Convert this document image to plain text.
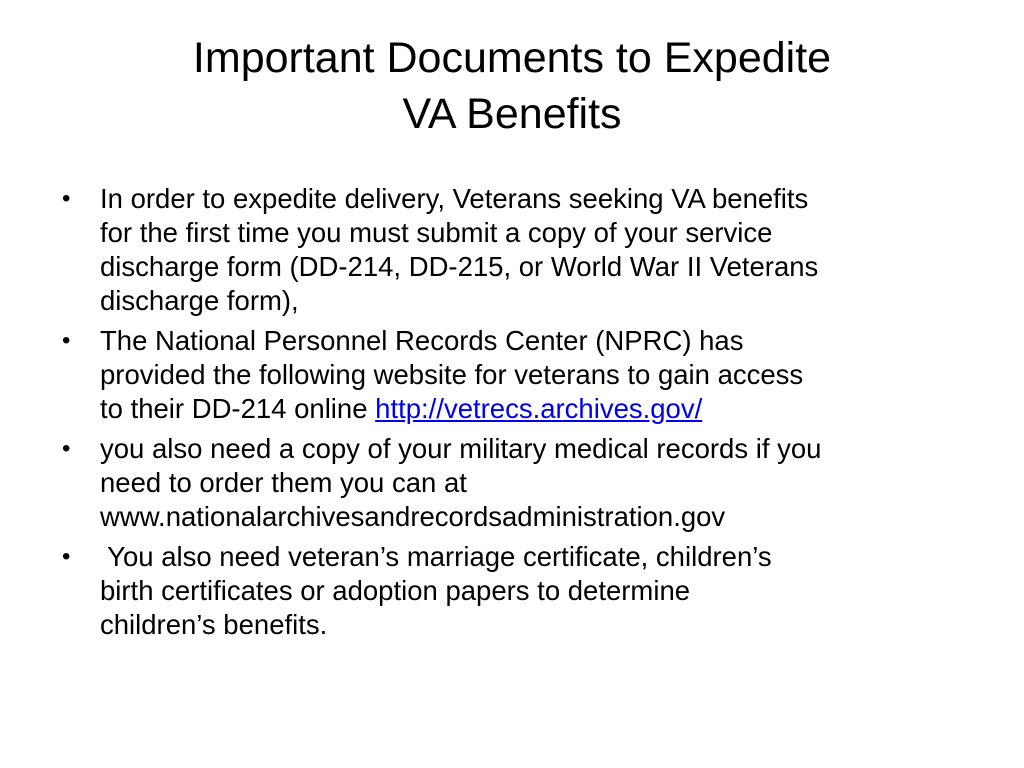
Important Documents to Expedite
VA Benefits
•	In order to expedite delivery, Veterans seeking VA benefits
for the first time you must submit a copy of your service
discharge form (DD-214, DD-215, or World War II Veterans
discharge form),
•	The National Personnel Records Center (NPRC) has
provided the following website for veterans to gain access
to their DD-214 online http://vetrecs.archives.gov/
•	you also need a copy of your military medical records if you
need to order them you can at
www.nationalarchivesandrecordsadministration.gov
•	You also need veteran’s marriage certificate, children’s
birth certificates or adoption papers to determine
children’s benefits.
